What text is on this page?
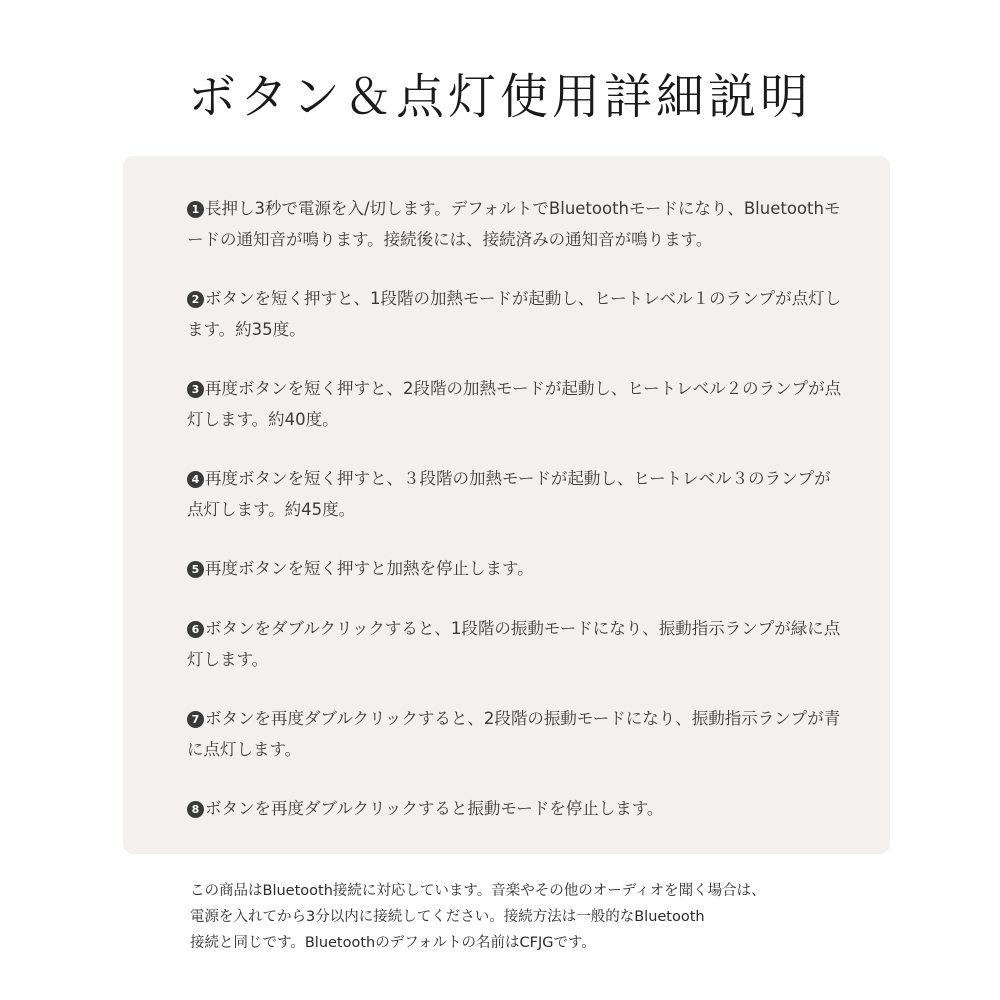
ボタン＆点灯使用詳細説明
1 長押し3秒で電源を入/切します。デフォルトでBluetoothモードになり、Bluetoothモードの通知音が鳴ります。接続後には、接続済みの通知音が鳴ります。
2 ボタンを短く押すと、1段階の加熱モードが起動し、ヒートレベル１のランプが点灯します。約35度。
3 再度ボタンを短く押すと、2段階の加熱モードが起動し、ヒートレベル２のランプが点灯します。約40度。
4 再度ボタンを短く押すと、３段階の加熱モードが起動し、ヒートレベル３のランプが点灯します。約45度。
5 再度ボタンを短く押すと加熱を停止します。
6 ボタンをダブルクリックすると、1段階の振動モードになり、振動指示ランプが緑に点灯します。
7 ボタンを再度ダブルクリックすると、2段階の振動モードになり、振動指示ランプが青に点灯します。
8 ボタンを再度ダブルクリックすると振動モードを停止します。

この商品はBluetooth接続に対応しています。音楽やその他のオーディオを聞く場合は、
電源を入れてから3分以内に接続してください。接続方法は一般的なBluetooth
接続と同じです。Bluetoothのデフォルトの名前はCFJGです。
